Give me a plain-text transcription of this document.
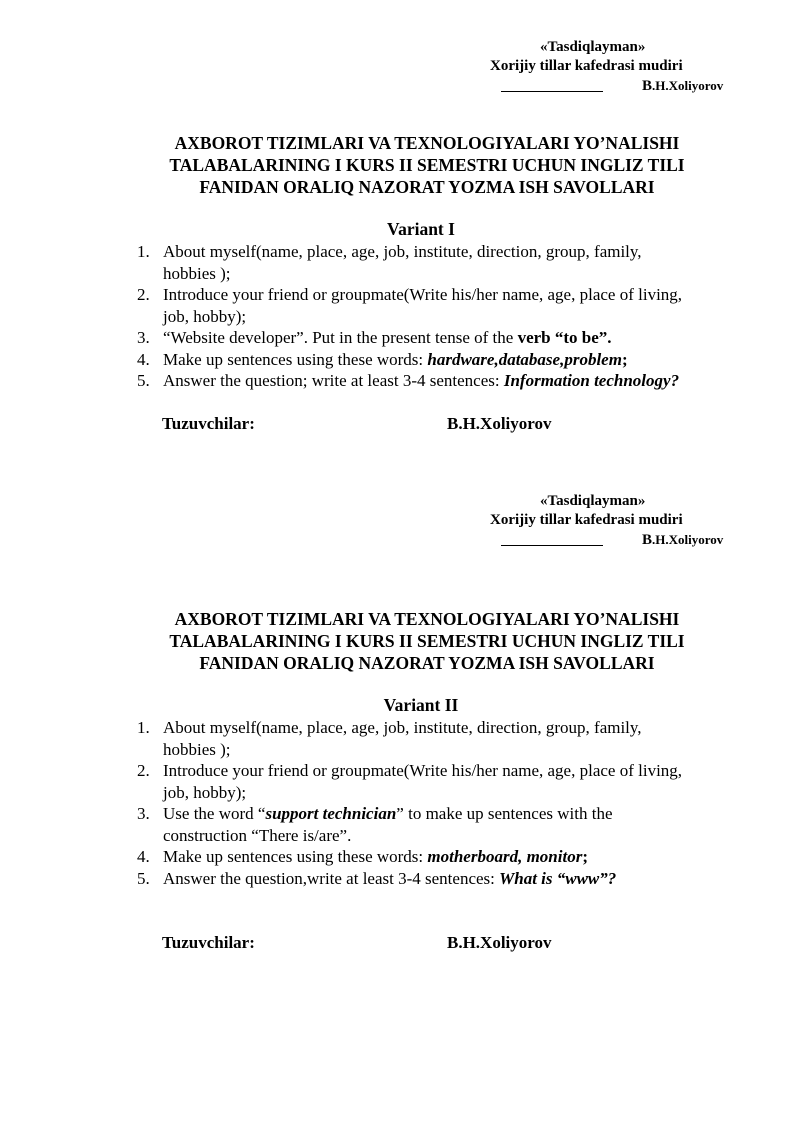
«Tasdiqlayman»
Xorijiy tillar kafedrasi mudiri
B.H.Xoliyorov
AXBOROT TIZIMLARI VA TEXNOLOGIYALARI YO’NALISHI
TALABALARINING I KURS II SEMESTRI UCHUN INGLIZ TILI
FANIDAN ORALIQ NAZORAT YOZMA ISH SAVOLLARI
Variant I
1. About myself(name, place, age, job, institute, direction, group, family,
hobbies );
2. Introduce your friend or groupmate(Write his/her name, age, place of living,
job, hobby);
3. “Website developer”. Put in the present tense of the verb “to be”.
4. Make up sentences using these words: hardware,database,problem;
5. Answer the question; write at least 3-4 sentences: Information technology?
Tuzuvchilar:	B.H.Xoliyorov
«Tasdiqlayman»
Xorijiy tillar kafedrasi mudiri
B.H.Xoliyorov
AXBOROT TIZIMLARI VA TEXNOLOGIYALARI YO’NALISHI
TALABALARINING I KURS II SEMESTRI UCHUN INGLIZ TILI
FANIDAN ORALIQ NAZORAT YOZMA ISH SAVOLLARI
Variant II
1. About myself(name, place, age, job, institute, direction, group, family,
hobbies );
2. Introduce your friend or groupmate(Write his/her name, age, place of living,
job, hobby);
3. Use the word “support technician” to make up sentences with the
construction “There is/are”.
4. Make up sentences using these words: motherboard, monitor;
5. Answer the question,write at least 3-4 sentences: What is “www”?
Tuzuvchilar:	B.H.Xoliyorov
